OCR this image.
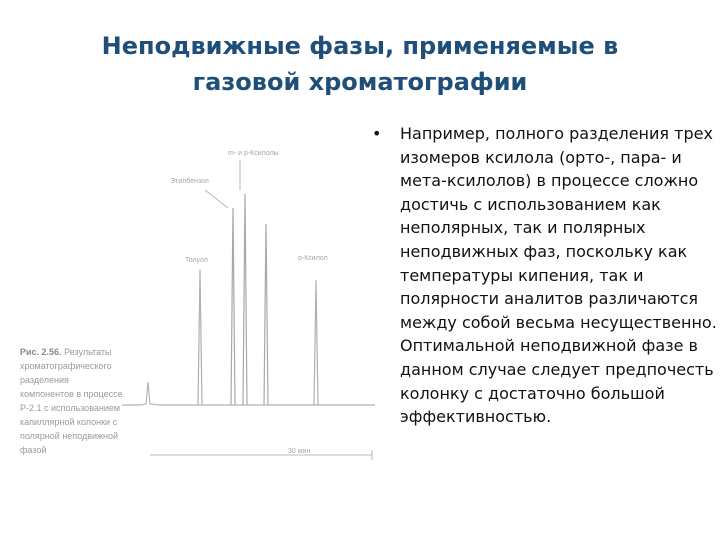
Неподвижные фазы, применяемые в
газовой хроматографии
Этилбензол
m- и p-Ксилолы
Толуол	o-Ксилол
30 мин
Рис. 2.56. Результаты хроматографического разделения компонентов в процессе Р-2.1 с использованием капиллярной колонки с полярной неподвижной фазой
• Например, полного разделения трех изомеров ксилола (орто-, пара- и мета-ксилолов) в процессе сложно достичь с использованием как неполярных, так и полярных неподвижных фаз, поскольку как температуры кипения, так и полярности аналитов различаются между собой весьма несущественно. Оптимальной неподвижной фазе в данном случае следует предпочесть колонку с достаточно большой эффективностью.
